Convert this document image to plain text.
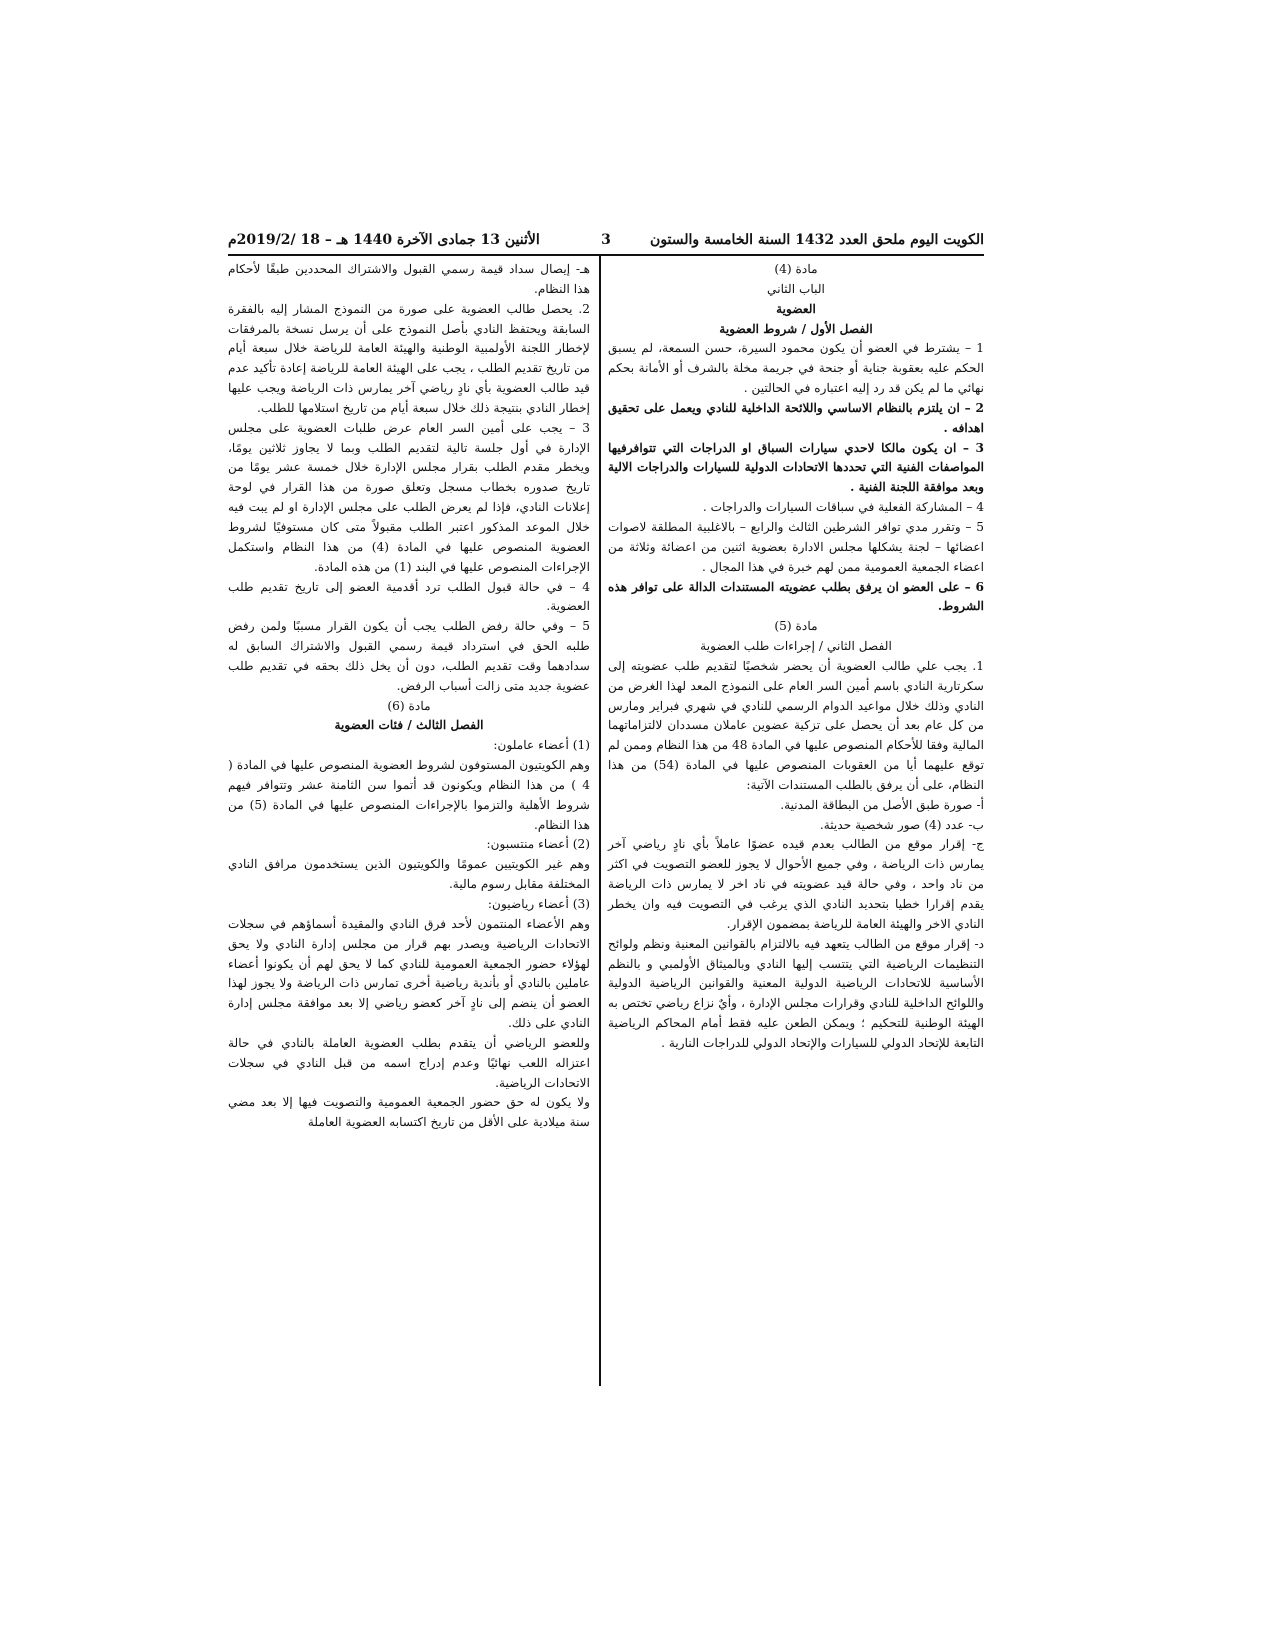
الكويت اليوم ملحق العدد 1432 السنة الخامسة والستون
3
الأثنين 13 جمادى الآخرة 1440 هـ – 18 /2019/2م

مادة (4)

الباب الثاني

العضوية

الفصل الأول / شروط العضوية

1 – يشترط في العضو أن يكون محمود السيرة، حسن السمعة، لم يسبق الحكم عليه بعقوبة جناية أو جنحة في جريمة مخلة بالشرف أو الأمانة بحكم نهائي ما لم يكن قد رد إليه اعتباره في الحالتين .

2 – ان يلتزم بالنظام الاساسي واللائحة الداخلية للنادي ويعمل على تحقيق اهدافه .

3 – ان يكون مالكا لاحدي سيارات السباق او الدراجات التي تتوافرفيها المواصفات الفنية التي تحددها الاتحادات الدولية للسيارات والدراجات الالية وبعد موافقة اللجنة الفنية .

4 – المشاركة الفعلية في سباقات السيارات والدراجات .

5 – وتقرر مدي توافر الشرطين الثالث والرابع – بالاغلبية المطلقة لاصوات اعضائها – لجنة يشكلها مجلس الادارة بعضوية اثنين من اعضائة وثلاثة من اعضاء الجمعية العمومية ممن لهم خبرة في هذا المجال .

6 – على العضو ان يرفق بطلب عضويته المستندات الدالة على توافر هذه الشروط.

مادة (5)

الفصل الثاني / إجراءات طلب العضوية

1. يجب علي طالب العضوية أن يحضر شخصيًا لتقديم طلب عضويته إلى سكرتارية النادي باسم أمين السر العام على النموذج المعد لهذا الغرض من النادي وذلك خلال مواعيد الدوام الرسمي للنادي في شهري فبراير ومارس من كل عام بعد أن يحصل على تزكية عضوين عاملان مسددان لالتزاماتهما المالية وفقا للأحكام المنصوص عليها في المادة 48 من هذا النظام وممن لم توقع عليهما أيا من العقوبات المنصوص عليها في المادة (54) من هذا النظام، على أن يرفق بالطلب المستندات الآتية:

أ- صورة طبق الأصل من البطاقة المدنية.

ب- عدد (4) صور شخصية حديثة.

ج- إقرار موقع من الطالب بعدم قيده عضوًا عاملاً بأي نادٍ رياضي آخر يمارس ذات الرياضة ، وفي جميع الأحوال لا يجوز للعضو التصويت في اكثر من ناد واحد ، وفي حالة قيد عضويته في ناد اخر لا يمارس ذات الرياضة يقدم إقرارا خطيا بتحديد النادي الذي يرغب في التصويت فيه وان يخطر النادي الاخر والهيئة العامة للرياضة بمضمون الإقرار.

د- إقرار موقع من الطالب يتعهد فيه بالالتزام بالقوانين المعنية ونظم ولوائح التنظيمات الرياضية التي يتتسب إليها النادي وبالميثاق الأولمبي و بالنظم الأساسية للاتحادات الرياضية الدولية المعنية والقوانين الرياضية الدولية واللوائح الداخلية للنادي وقرارات مجلس الإدارة ، وأيٌ نزاع رياضي تختص به الهيئة الوطنية للتحكيم ؛ ويمكن الطعن عليه فقط أمام المحاكم الرياضية التابعة للإتحاد الدولي للسيارات والإتحاد الدولي للدراجات النارية .

هـ- إيصال سداد قيمة رسمي القبول والاشتراك المحددين طبقًا لأحكام هذا النظام.

2. يحصل طالب العضوية على صورة من النموذج المشار إليه بالفقرة السابقة ويحتفظ النادي بأصل النموذج على أن يرسل نسخة بالمرفقات لإخطار اللجنة الأولمبية الوطنية والهيئة العامة للرياضة خلال سبعة أيام من تاريخ تقديم الطلب ، يجب على الهيئة العامة للرياضة إعادة تأكيد عدم قيد طالب العضوية بأي نادٍ رياضي آخر يمارس ذات الرياضة ويجب عليها إخطار النادي بنتيجة ذلك خلال سبعة أيام من تاريخ استلامها للطلب.

3 – يجب على أمين السر العام عرض طلبات العضوية على مجلس الإدارة في أول جلسة تالية لتقديم الطلب وبما لا يجاوز ثلاثين يومًا، ويخطر مقدم الطلب بقرار مجلس الإدارة خلال خمسة عشر يومًا من تاريخ صدوره بخطاب مسجل وتعلق صورة من هذا القرار في لوحة إعلانات النادي، فإذا لم يعرض الطلب على مجلس الإدارة او لم يبت فيه خلال الموعد المذكور اعتبر الطلب مقبولاً متى كان مستوفيًا لشروط العضوية المنصوص عليها في المادة (4) من هذا النظام واستكمل الإجراءات المنصوص عليها في البند (1) من هذه المادة.

4 – في حالة قبول الطلب ترد أقدمية العضو إلى تاريخ تقديم طلب العضوية.

5 – وفي حالة رفض الطلب يجب أن يكون القرار مسببًا ولمن رفض طلبه الحق في استرداد قيمة رسمي القبول والاشتراك السابق له سدادهما وقت تقديم الطلب، دون أن يخل ذلك بحقه في تقديم طلب عضوية جديد متى زالت أسباب الرفض.

مادة (6)

الفصل الثالث / فئات العضوية

(1) أعضاء عاملون:

وهم الكويتيون المستوفون لشروط العضوية المنصوص عليها في المادة ( 4 ) من هذا النظام ويكونون قد أتموا سن الثامنة عشر وتتوافر فيهم شروط الأهلية والتزموا بالإجراءات المنصوص عليها في المادة (5) من هذا النظام.

(2) أعضاء منتسبون:

وهم غير الكويتيين عمومًا والكويتيون الذين يستخدمون مرافق النادي المختلفة مقابل رسوم مالية.

(3) أعضاء رياضيون:

وهم الأعضاء المنتمون لأحد فرق النادي والمقيدة أسماؤهم في سجلات الاتحادات الرياضية ويصدر بهم قرار من مجلس إدارة النادي ولا يحق لهؤلاء حضور الجمعية العمومية للنادي كما لا يحق لهم أن يكونوا أعضاء عاملين بالنادي أو بأندية رياضية أخرى تمارس ذات الرياضة ولا يجوز لهذا العضو أن ينضم إلى نادٍ آخر كعضو رياضي إلا بعد موافقة مجلس إدارة النادي على ذلك.

وللعضو الرياضي أن يتقدم بطلب العضوية العاملة بالنادي في حالة اعتزاله اللعب نهائيًا وعدم إدراج اسمه من قبل النادي في سجلات الاتحادات الرياضية.

ولا يكون له حق حضور الجمعية العمومية والتصويت فيها إلا بعد مضي سنة ميلادية على الأقل من تاريخ اكتسابه العضوية العاملة
